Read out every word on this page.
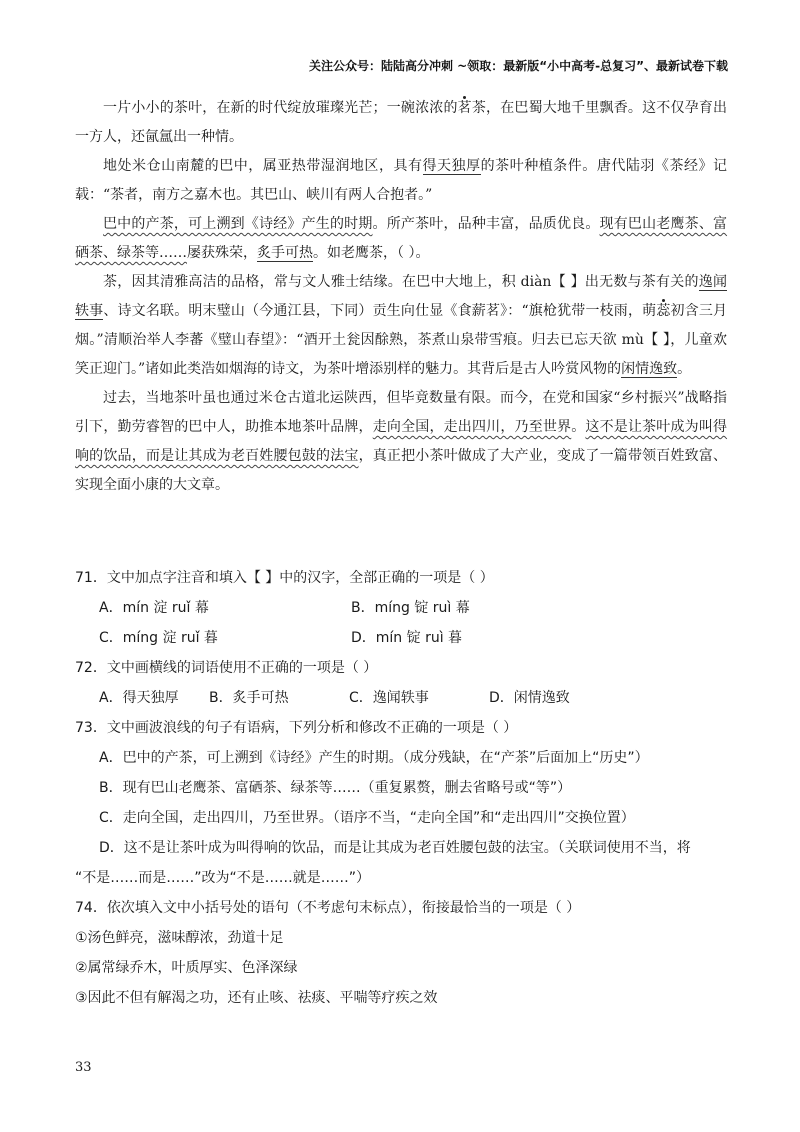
关注公众号：陆陆高分冲刺 ~领取：最新版“小中高考-总复习”、最新试卷下载

一片小小的茶叶，在新的时代绽放璀璨光芒；一碗浓浓的茗茶，在巴蜀大地千里飘香。这不仅孕育出一方人，还氤氲出一种情。

地处米仓山南麓的巴中，属亚热带湿润地区，具有得天独厚的茶叶种植条件。唐代陆羽《茶经》记载：“茶者，南方之嘉木也。其巴山、峡川有两人合抱者。”

巴中的产茶，可上溯到《诗经》产生的时期。所产茶叶，品种丰富，品质优良。现有巴山老鹰茶、富硒茶、绿茶等……屡获殊荣，炙手可热。如老鹰茶，（ ）。

茶，因其清雅高洁的品格，常与文人雅士结缘。在巴中大地上，积 diàn【 】出无数与茶有关的逸闻轶事、诗文名联。明末璧山（今通江县，下同）贡生向仕显《食薪茗》：“旗枪犹带一枝雨，萌蕊初含三月烟。”清顺治举人李蕃《璧山春望》：“酒开土瓮因酴熟，茶煮山泉带雪痕。归去已忘天欲 mù【 】，儿童欢笑正迎门。”诸如此类浩如烟海的诗文，为茶叶增添别样的魅力。其背后是古人吟赏风物的闲情逸致。

过去，当地茶叶虽也通过米仓古道北运陕西，但毕竟数量有限。而今，在党和国家“乡村振兴”战略指引下，勤劳睿智的巴中人，助推本地茶叶品牌，走向全国，走出四川，乃至世界。这不是让茶叶成为叫得响的饮品，而是让其成为老百姓腰包鼓的法宝，真正把小茶叶做成了大产业，变成了一篇带领百姓致富、实现全面小康的大文章。

71．文中加点字注音和填入【 】中的汉字，全部正确的一项是（ ）
A．mín 淀 ruǐ 幕	B．míng 锭 ruì 幕
C．míng 淀 ruǐ 暮	D．mín 锭 ruì 暮
72．文中画横线的词语使用不正确的一项是（ ）
A．得天独厚	B．炙手可热	C．逸闻轶事	D．闲情逸致
73．文中画波浪线的句子有语病，下列分析和修改不正确的一项是（ ）
A．巴中的产茶，可上溯到《诗经》产生的时期。（成分残缺，在“产茶”后面加上“历史”）
B．现有巴山老鹰茶、富硒茶、绿茶等……（重复累赘，删去省略号或“等”）
C．走向全国，走出四川，乃至世界。（语序不当，“走向全国”和“走出四川”交换位置）
D．这不是让茶叶成为叫得响的饮品，而是让其成为老百姓腰包鼓的法宝。（关联词使用不当，将
“不是……而是……”改为“不是……就是……”）
74．依次填入文中小括号处的语句（不考虑句末标点），衔接最恰当的一项是（ ）
①汤色鲜亮，滋味醇浓，劲道十足
②属常绿乔木，叶质厚实、色泽深绿
③因此不但有解渴之功，还有止咳、祛痰、平喘等疗疾之效
33
